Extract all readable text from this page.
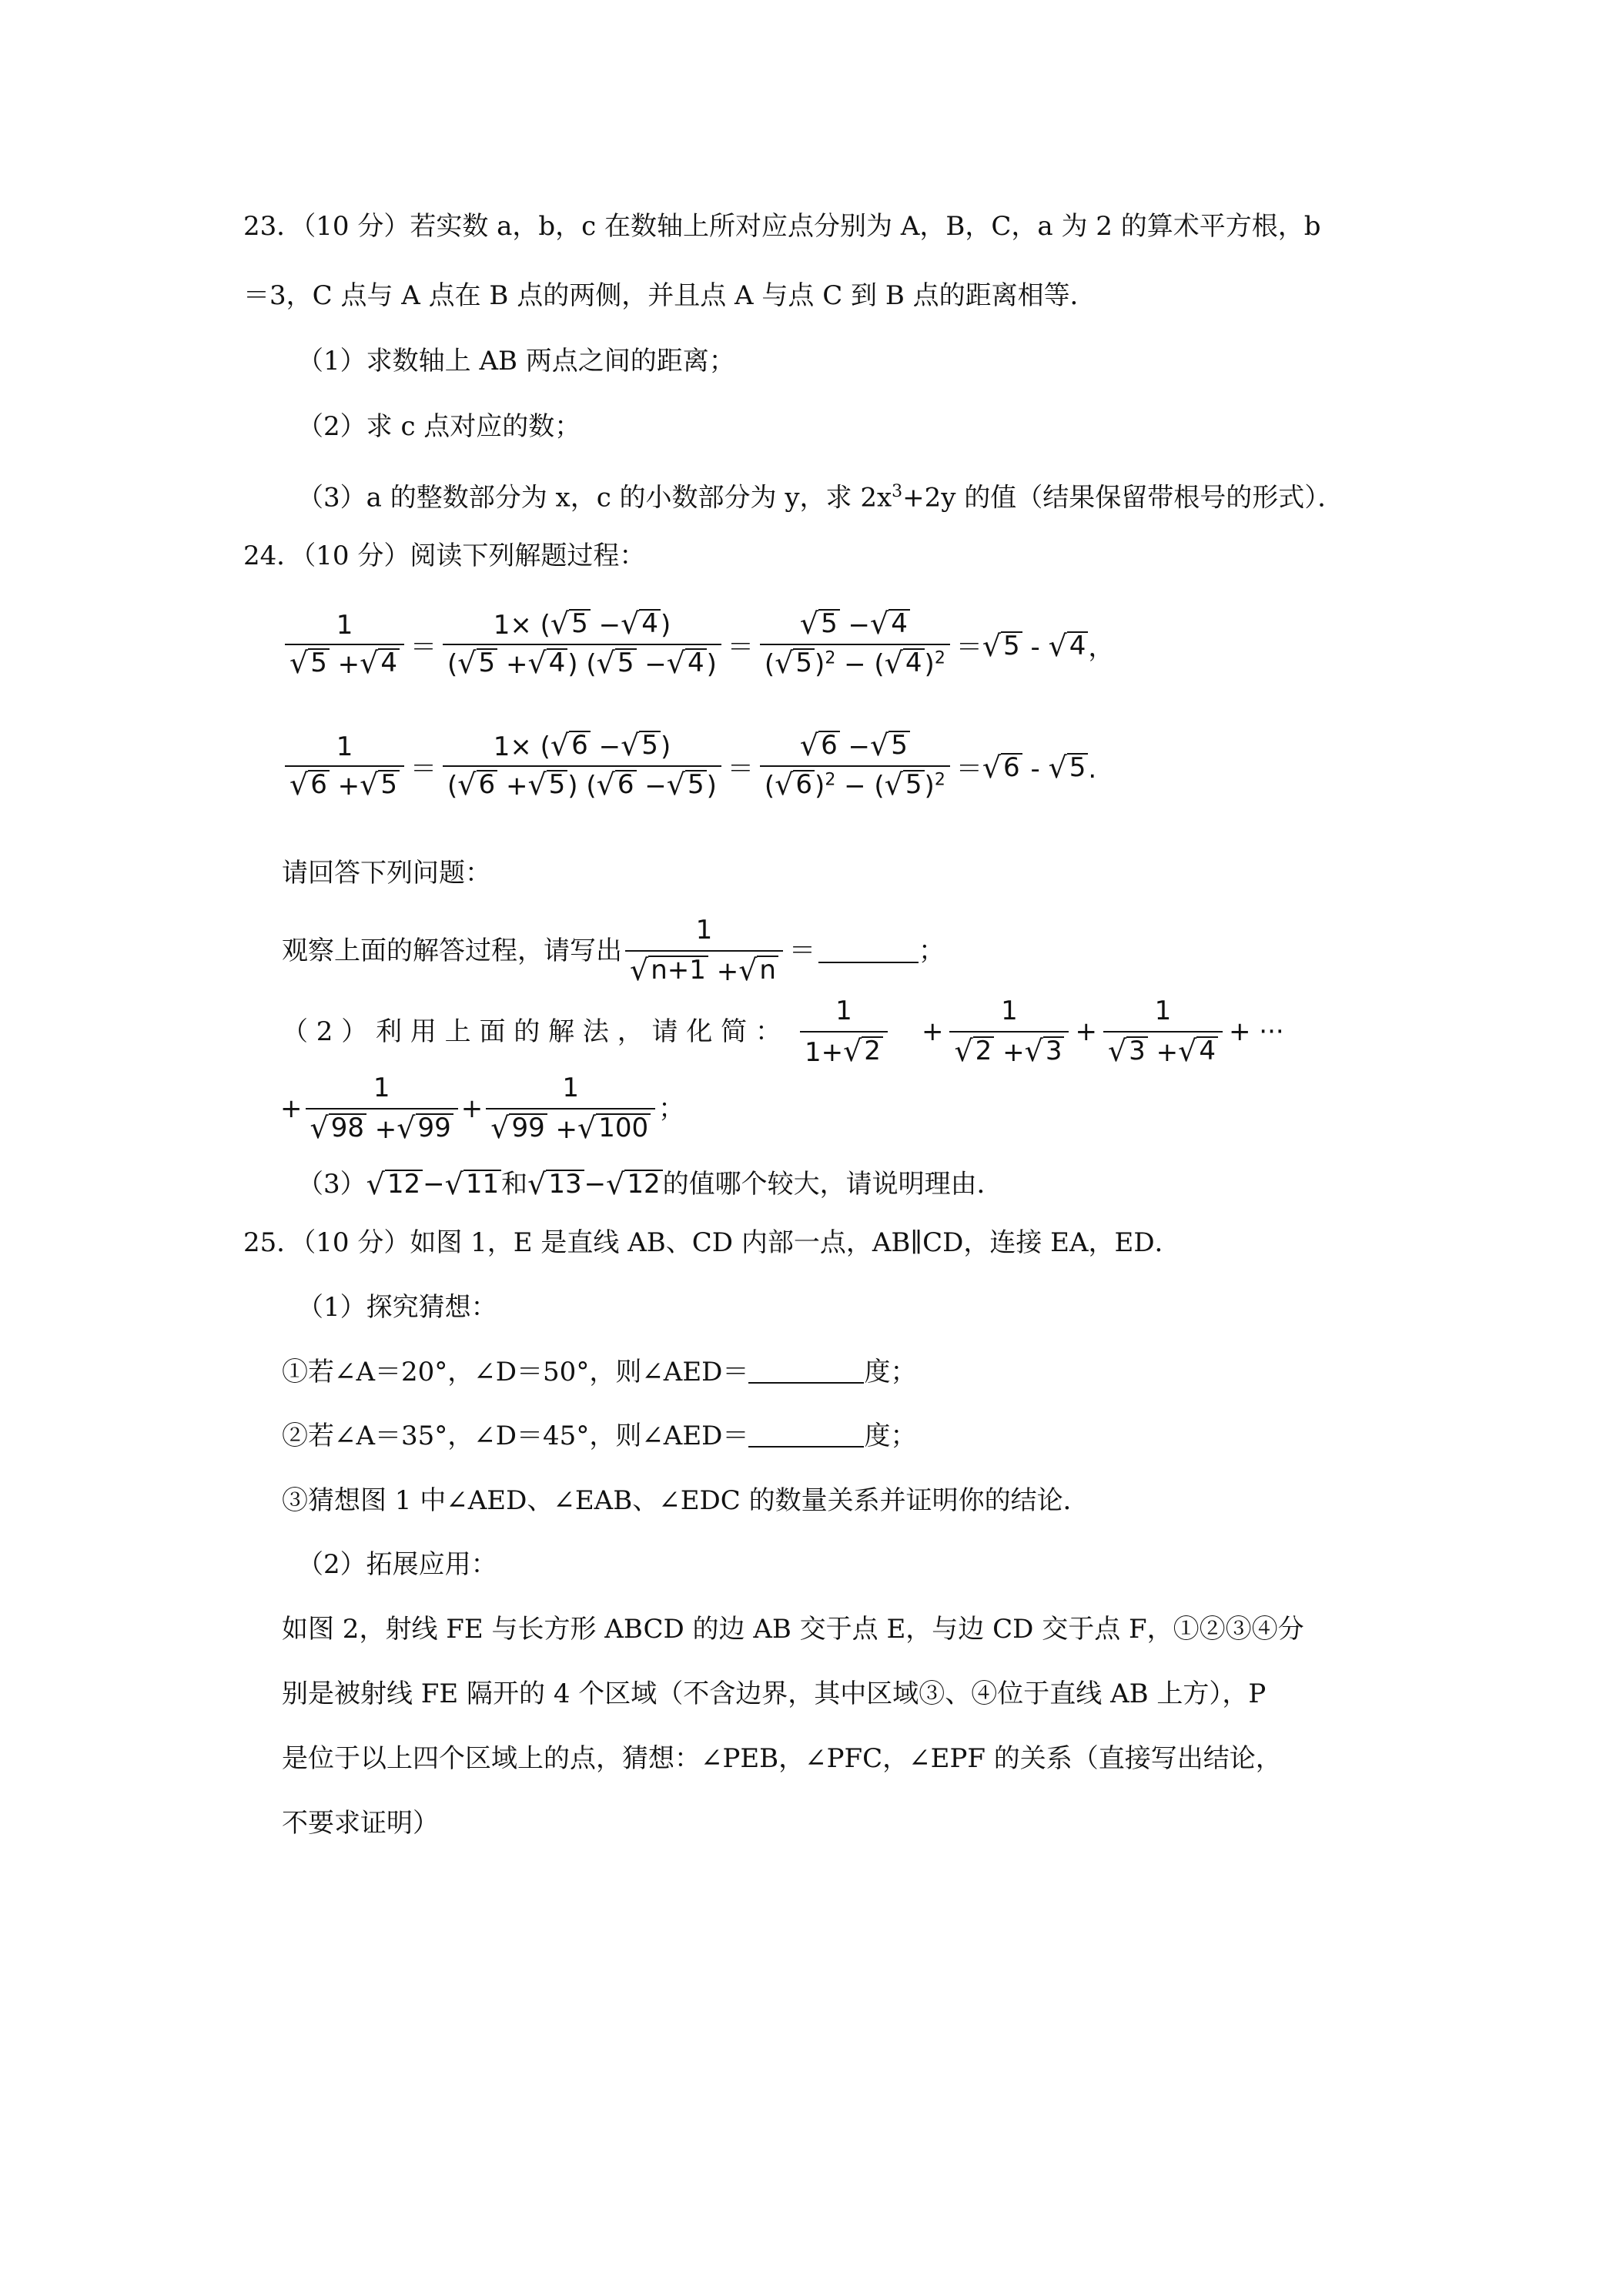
23．（10 分）若实数 a，b，c 在数轴上所对应点分别为 A，B，C，a 为 2 的算术平方根，b
＝3，C 点与 A 点在 B 点的两侧，并且点 A 与点 C 到 B 点的距离相等．
（1）求数轴上 AB 两点之间的距离；
（2）求 c 点对应的数；
（3）a 的整数部分为 x，c 的小数部分为 y，求 $2x^3+2y$ 的值（结果保留带根号的形式）．
24．（10 分）阅读下列解题过程：
$\frac{1}{√ 5 + √ 4} = \frac{1\times ( √ 5 - √ 4 )}{( √ 5 + √ 4 ) ( √ 5 - √ 4 )} = \frac{√ 5 - √ 4}{( √ 5 )^2 - ( √ 4 )^2}$ ＝ √ 5 - √ 4 ，
$\frac{1}{√ 6 + √ 5} = \frac{1\times ( √ 6 - √ 5 )}{( √ 6 + √ 5 ) ( √ 6 - √ 5 )} = \frac{√ 6 - √ 5}{( √ 6 )^2 - ( √ 5 )^2}$ ＝ √ 6 - √ 5 .
请回答下列问题：
观察上面的解答过程，请写出 $\frac{1}{√ n+1 + √ n}$ ＝	；
（ 2 ） 利 用 上 面 的 解 法 ， 请 化 简 ： $\frac{1}{1+ √ 2} + \frac{1}{√ 2 + √ 3} + \frac{1}{√ 3 + √ 4}$ + ···
+ $\frac{1}{√ 98 + √ 99} + \frac{1}{√ 99 + √ 100}$ ；
（3） √ 12 − √ 11 和 √ 13 − √ 12 的值哪个较大，请说明理由．
25．（10 分）如图 1，E 是直线 AB、CD 内部一点，AB∥CD，连接 EA，ED．
（1）探究猜想：
①若∠A＝20°，∠D＝50°，则∠AED＝	度；
②若∠A＝35°，∠D＝45°，则∠AED＝	度；
③猜想图 1 中∠AED、∠EAB、∠EDC 的数量关系并证明你的结论．
（2）拓展应用：
如图 2，射线 FE 与长方形 ABCD 的边 AB 交于点 E，与边 CD 交于点 F，①②③④分
别是被射线 FE 隔开的 4 个区域（不含边界，其中区域③、④位于直线 AB 上方），P
是位于以上四个区域上的点，猜想：∠PEB，∠PFC，∠EPF 的关系（直接写出结论，
不要求证明）
